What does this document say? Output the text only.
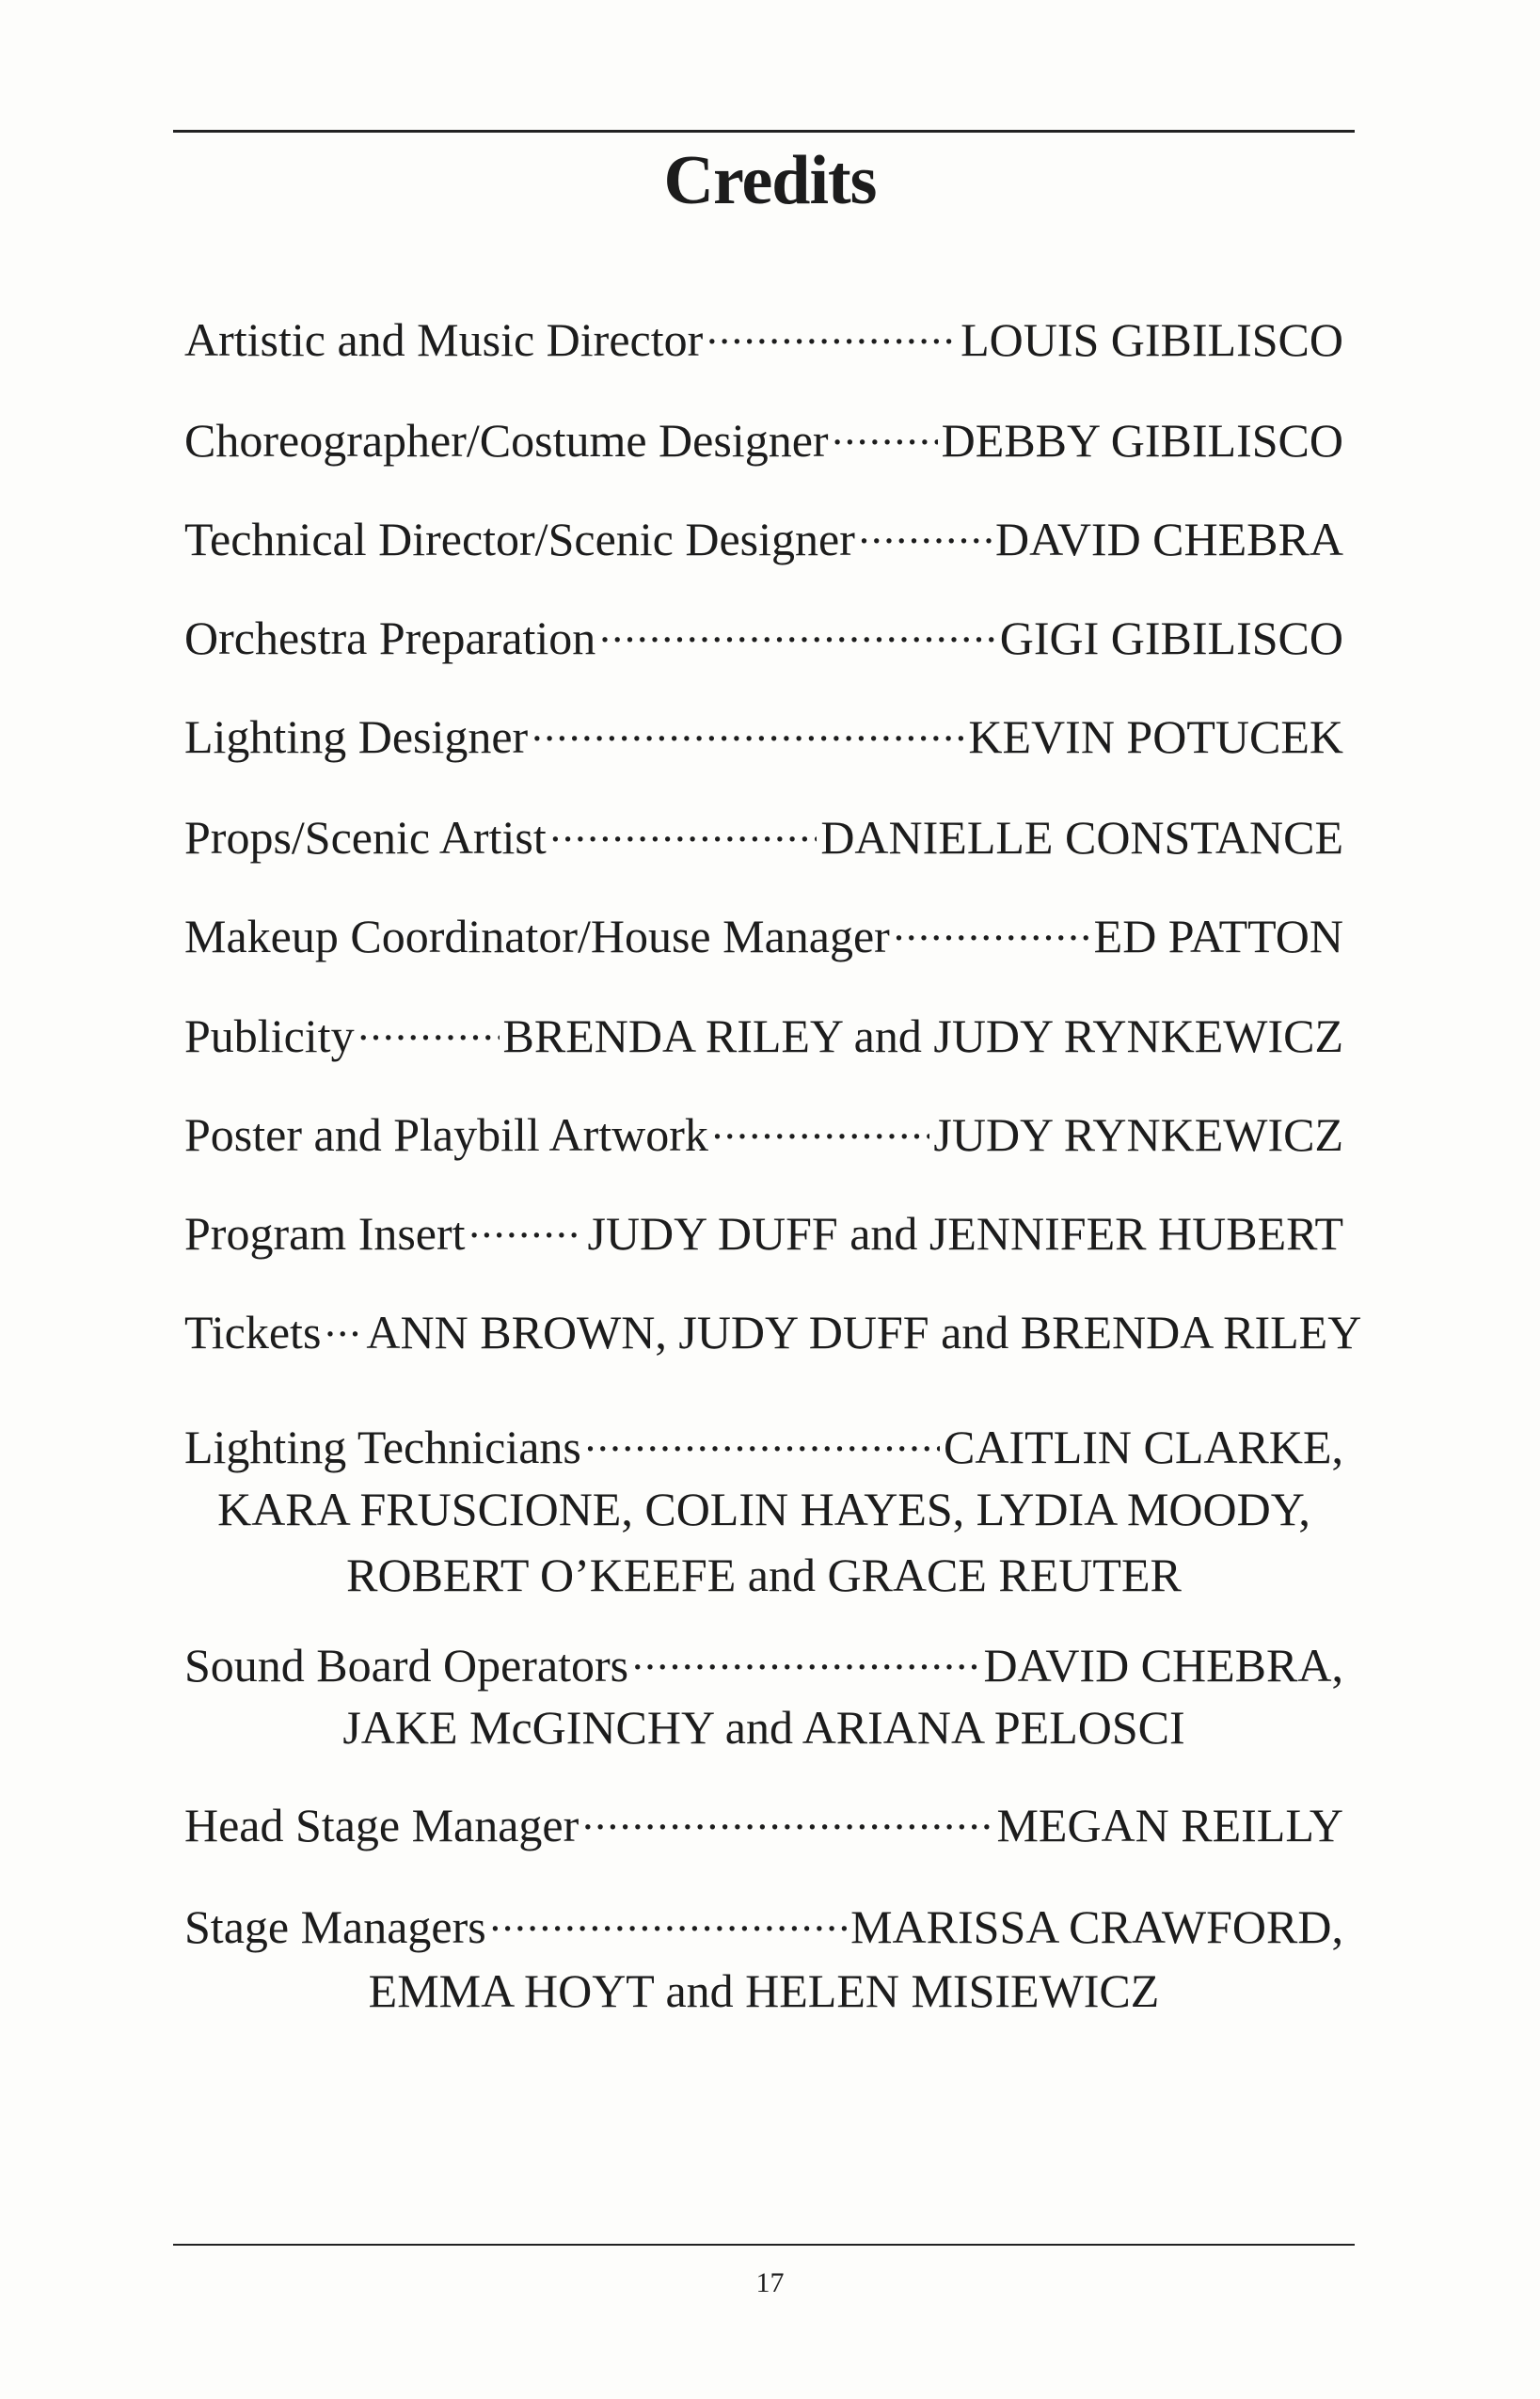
Credits
Artistic and Music Director .....	LOUIS GIBILISCO
Choreographer/Costume Designer ..... DEBBY GIBILISCO
Technical Director/Scenic Designer .....	DAVID CHEBRA
Orchestra Preparation .....	GIGI GIBILISCO
Lighting Designer .....	KEVIN POTUCEK
Props/Scenic Artist .....	DANIELLE CONSTANCE
Makeup Coordinator/House Manager .....	ED PATTON
Publicity .....	BRENDA RILEY and JUDY RYNKEWICZ
Poster and Playbill Artwork .....	JUDY RYNKEWICZ
Program Insert .....	JUDY DUFF and JENNIFER HUBERT
Tickets ..... ANN BROWN, JUDY DUFF and BRENDA RILEY
Lighting Technicians .....	CAITLIN CLARKE,
KARA FRUSCIONE, COLIN HAYES, LYDIA MOODY,
ROBERT O’KEEFE and GRACE REUTER
Sound Board Operators .....	DAVID CHEBRA,
JAKE McGINCHY and ARIANA PELOSCI
Head Stage Manager .....	MEGAN REILLY
Stage Managers .....	MARISSA CRAWFORD,
EMMA HOYT and HELEN MISIEWICZ
17
